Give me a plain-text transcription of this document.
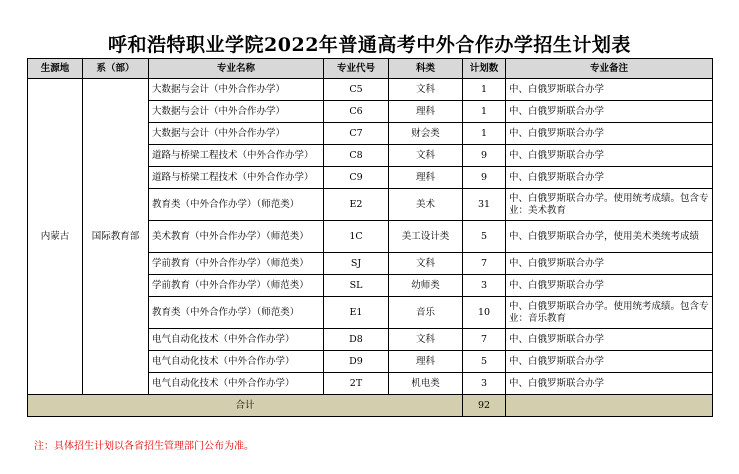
呼和浩特职业学院2022年普通高考中外合作办学招生计划表
生源地	系（部）	专业名称	专业代号	科类	计划数	专业备注
内蒙古	国际教育部	大数据与会计（中外合作办学）	C5	文科	1	中、白俄罗斯联合办学
		大数据与会计（中外合作办学）	C6	理科	1	中、白俄罗斯联合办学
		大数据与会计（中外合作办学）	C7	财会类	1	中、白俄罗斯联合办学
		道路与桥梁工程技术（中外合作办学）	C8	文科	9	中、白俄罗斯联合办学
		道路与桥梁工程技术（中外合作办学）	C9	理科	9	中、白俄罗斯联合办学
		教育类（中外合作办学）（师范类）	E2	美术	31	中、白俄罗斯联合办学。使用统考成绩。包含专业：美术教育
		美术教育（中外合作办学）（师范类）	1C	美工设计类	5	中、白俄罗斯联合办学，使用美术类统考成绩
		学前教育（中外合作办学）（师范类）	SJ	文科	7	中、白俄罗斯联合办学
		学前教育（中外合作办学）（师范类）	SL	幼师类	3	中、白俄罗斯联合办学
		教育类（中外合作办学）（师范类）	E1	音乐	10	中、白俄罗斯联合办学。使用统考成绩。包含专业：音乐教育
		电气自动化技术（中外合作办学）	D8	文科	7	中、白俄罗斯联合办学
		电气自动化技术（中外合作办学）	D9	理科	5	中、白俄罗斯联合办学
		电气自动化技术（中外合作办学）	2T	机电类	3	中、白俄罗斯联合办学
合计					92	
注：具体招生计划以各省招生管理部门公布为准。
